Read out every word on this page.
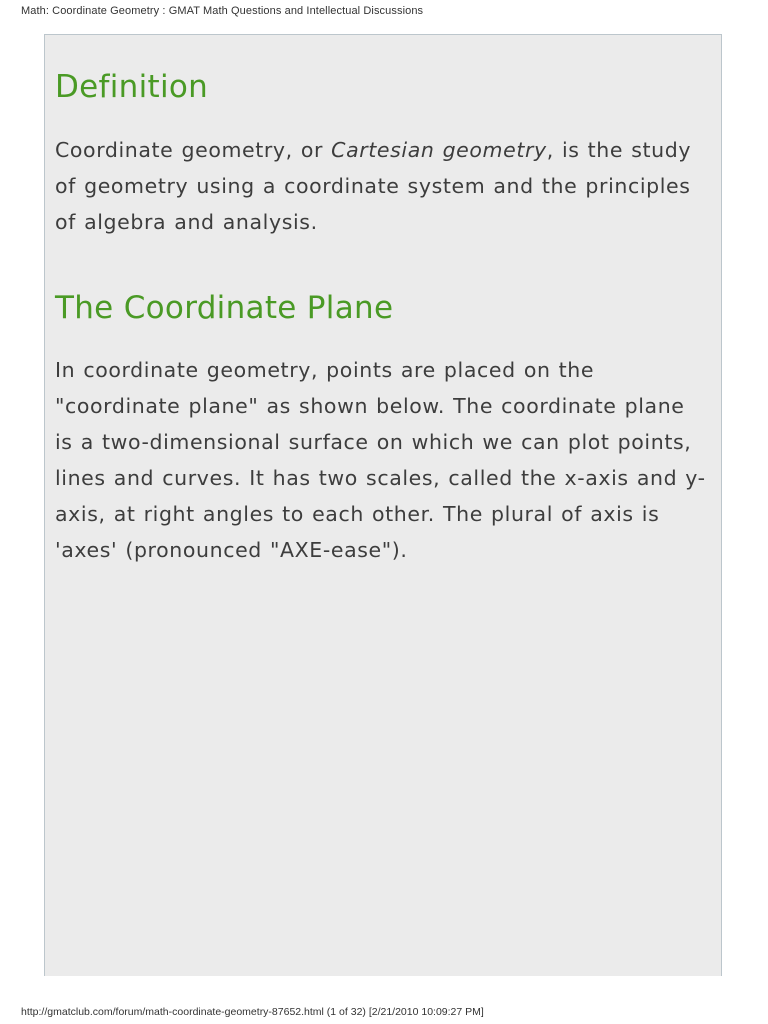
Math: Coordinate Geometry : GMAT Math Questions and Intellectual Discussions
Definition

Coordinate geometry, or Cartesian geometry, is the study of geometry using a coordinate system and the principles of algebra and analysis.

The Coordinate Plane

In coordinate geometry, points are placed on the "coordinate plane" as shown below. The coordinate plane is a two-dimensional surface on which we can plot points, lines and curves. It has two scales, called the x-axis and y-axis, at right angles to each other. The plural of axis is 'axes' (pronounced "AXE-ease").

http://gmatclub.com/forum/math-coordinate-geometry-87652.html (1 of 32) [2/21/2010 10:09:27 PM]
